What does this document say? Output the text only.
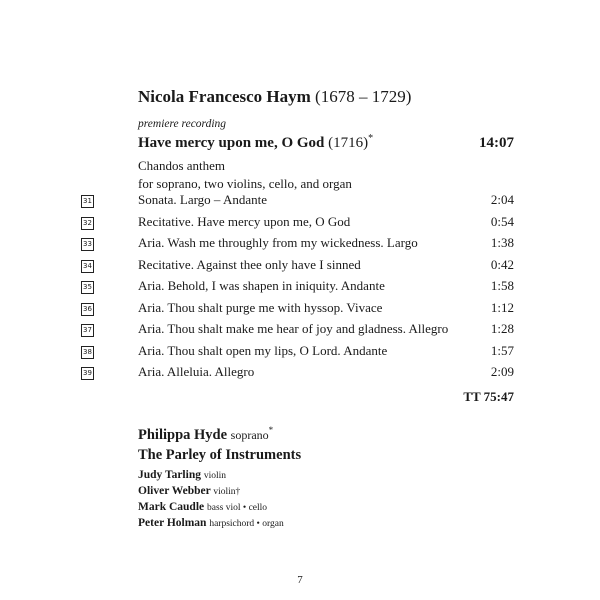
Nicola Francesco Haym (1678 – 1729)
premiere recording
Have mercy upon me, O God (1716)*	14:07
Chandos anthem
for soprano, two violins, cello, and organ
31	Sonata. Largo – Andante	2:04
32	Recitative. Have mercy upon me, O God	0:54
33	Aria. Wash me throughly from my wickedness. Largo	1:38
34	Recitative. Against thee only have I sinned	0:42
35	Aria. Behold, I was shapen in iniquity. Andante	1:58
36	Aria. Thou shalt purge me with hyssop. Vivace	1:12
37	Aria. Thou shalt make me hear of joy and gladness. Allegro	1:28
38	Aria. Thou shalt open my lips, O Lord. Andante	1:57
39	Aria. Alleluia. Allegro	2:09
TT 75:47
Philippa Hyde soprano*
The Parley of Instruments
Judy Tarling violin
Oliver Webber violin†
Mark Caudle bass viol • cello
Peter Holman harpsichord • organ
7
